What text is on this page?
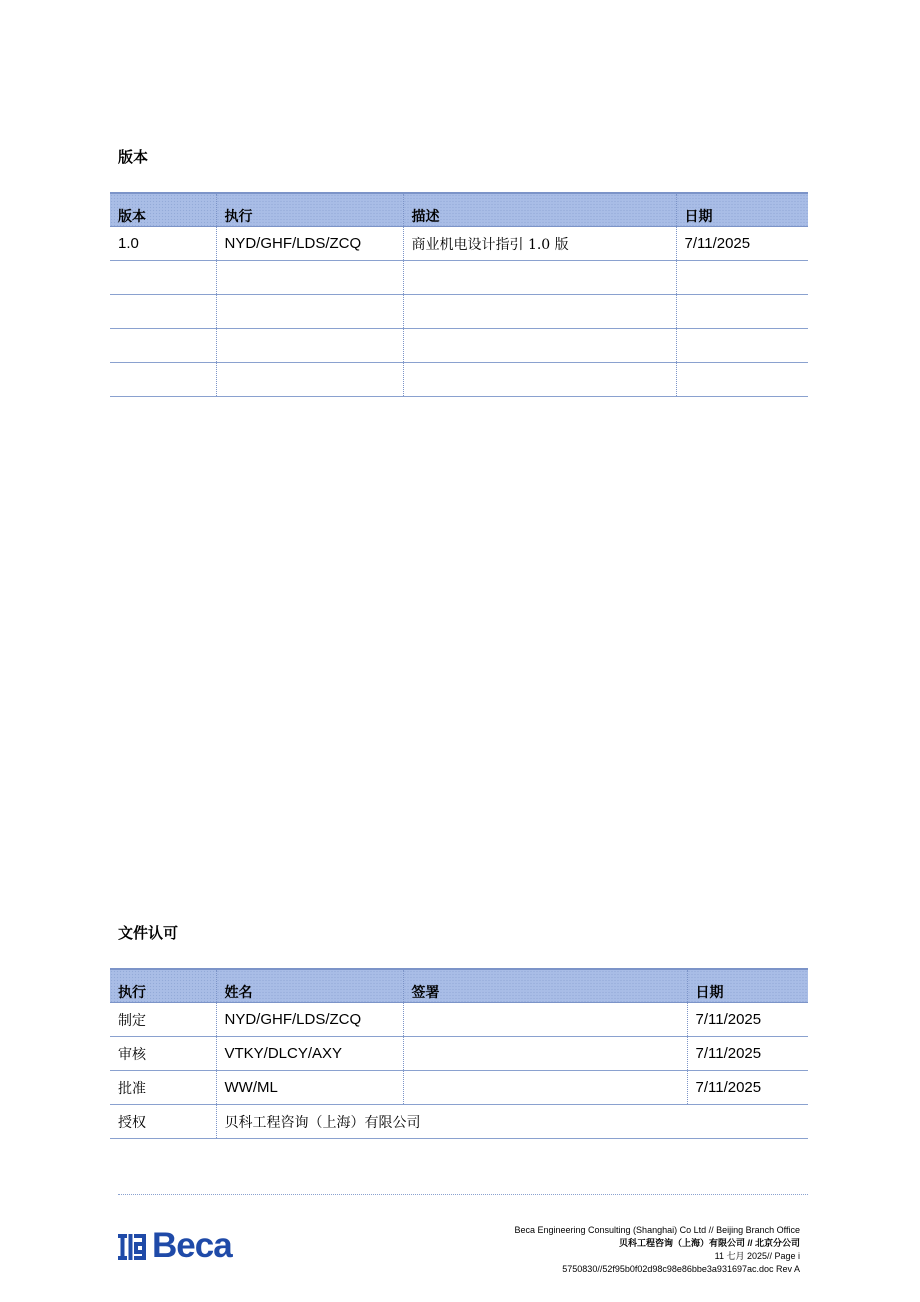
版本
版本	执行	描述	日期
1.0	NYD/GHF/LDS/ZCQ	商业机电设计指引 1.0 版	7/11/2025

文件认可
执行	姓名	签署	日期
制定	NYD/GHF/LDS/ZCQ		7/11/2025
审核	VTKY/DLCY/AXY		7/11/2025
批准	WW/ML		7/11/2025
授权	贝科工程咨询（上海）有限公司		
Beca	Beca Engineering Consulting (Shanghai) Co Ltd // Beijing Branch Office
贝科工程咨询（上海）有限公司 // 北京分公司
11 七月 2025// Page i
5750830//52f95b0f02d98c98e86bbe3a931697ac.doc Rev A
